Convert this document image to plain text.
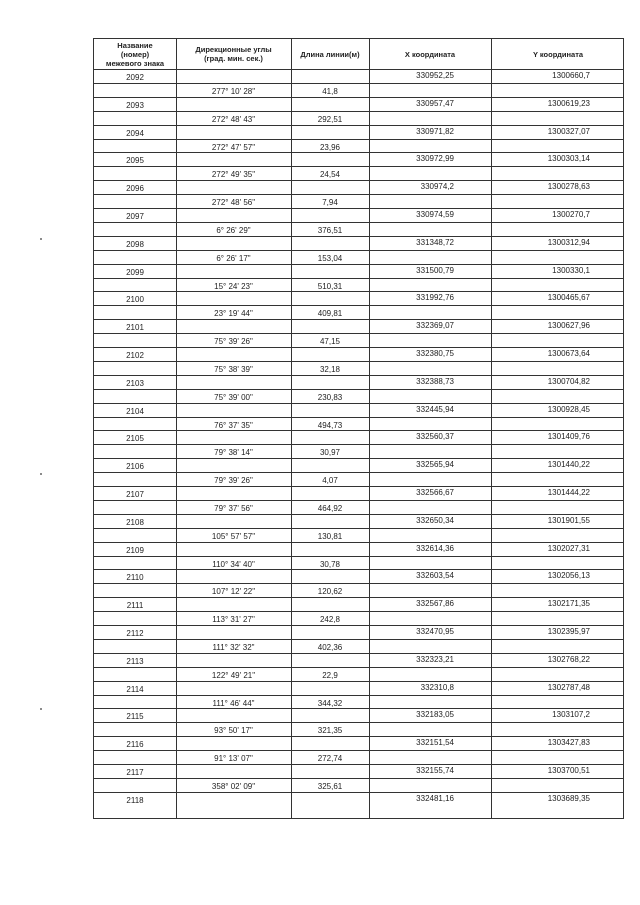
Название
(номер)
межевого знака
Дирекционные углы
(град. мин. сек.)	Длина линии(м)	X координата	Y координата
2092	330952,25	1300660,7
277° 10' 28"	41,8
2093	330957,47	1300619,23
272° 48' 43"	292,51
2094	330971,82	1300327,07
272° 47' 57"	23,96
2095	330972,99	1300303,14
272° 49' 35"	24,54
2096	330974,2	1300278,63
272° 48' 56"	7,94
2097	330974,59	1300270,7
6° 26' 29"	376,51
2098	331348,72	1300312,94
6° 26' 17"	153,04
2099	331500,79	1300330,1
15° 24' 23"	510,31
2100	331992,76	1300465,67
23° 19' 44"	409,81
2101	332369,07	1300627,96
75° 39' 26"	47,15
2102	332380,75	1300673,64
75° 38' 39"	32,18
2103	332388,73	1300704,82
75° 39' 00"	230,83
2104	332445,94	1300928,45
76° 37' 35"	494,73
2105	332560,37	1301409,76
79° 38' 14"	30,97
2106	332565,94	1301440,22
79° 39' 26"	4,07
2107	332566,67	1301444,22
79° 37' 56"	464,92
2108	332650,34	1301901,55
105° 57' 57"	130,81
2109	332614,36	1302027,31
110° 34' 40"	30,78
2110	332603,54	1302056,13
107° 12' 22"	120,62
2111	332567,86	1302171,35
113° 31' 27"	242,8
2112	332470,95	1302395,97
111° 32' 32"	402,36
2113	332323,21	1302768,22
122° 49' 21"	22,9
2114	332310,8	1302787,48
111° 46' 44"	344,32
2115	332183,05	1303107,2
93° 50' 17"	321,35
2116	332151,54	1303427,83
91° 13' 07"	272,74
2117	332155,74	1303700,51
358° 02' 09"	325,61
2118	332481,16	1303689,35
